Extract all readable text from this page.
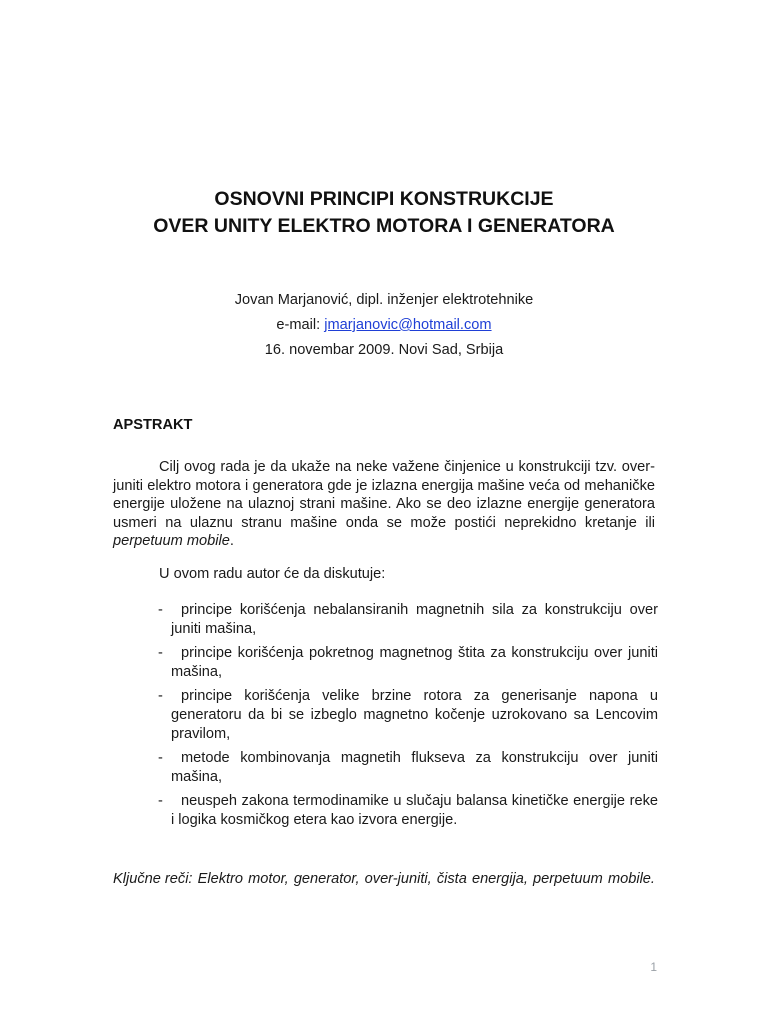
OSNOVNI PRINCIPI KONSTRUKCIJE
OVER UNITY ELEKTRO MOTORA I GENERATORA
Jovan Marjanović, dipl. inženjer elektrotehnike
e-mail: jmarjanovic@hotmail.com
16. novembar 2009. Novi Sad, Srbija
APSTRAKT
Cilj ovog rada je da ukaže na neke važene činjenice u konstrukciji tzv. over-juniti elektro motora i generatora gde je izlazna energija mašine veća od mehaničke energije uložene na ulaznoj strani mašine. Ako se deo izlazne energije generatora usmeri na ulaznu stranu mašine onda se može postići neprekidno kretanje ili perpetuum mobile.
U ovom radu autor će da diskutuje:
-	principe korišćenja nebalansiranih magnetnih sila za konstrukciju over juniti mašina,
-	principe korišćenja pokretnog magnetnog štita za konstrukciju over juniti mašina,
-	principe korišćenja velike brzine rotora za generisanje napona u generatoru da bi se izbeglo magnetno kočenje uzrokovano sa Lencovim pravilom,
-	metode kombinovanja magnetih flukseva za konstrukciju over juniti mašina,
-	neuspeh zakona termodinamike u slučaju balansa kinetičke energije reke i logika kosmičkog etera kao izvora energije.
Ključne reči: Elektro motor, generator, over-juniti, čista energija, perpetuum mobile.
1
